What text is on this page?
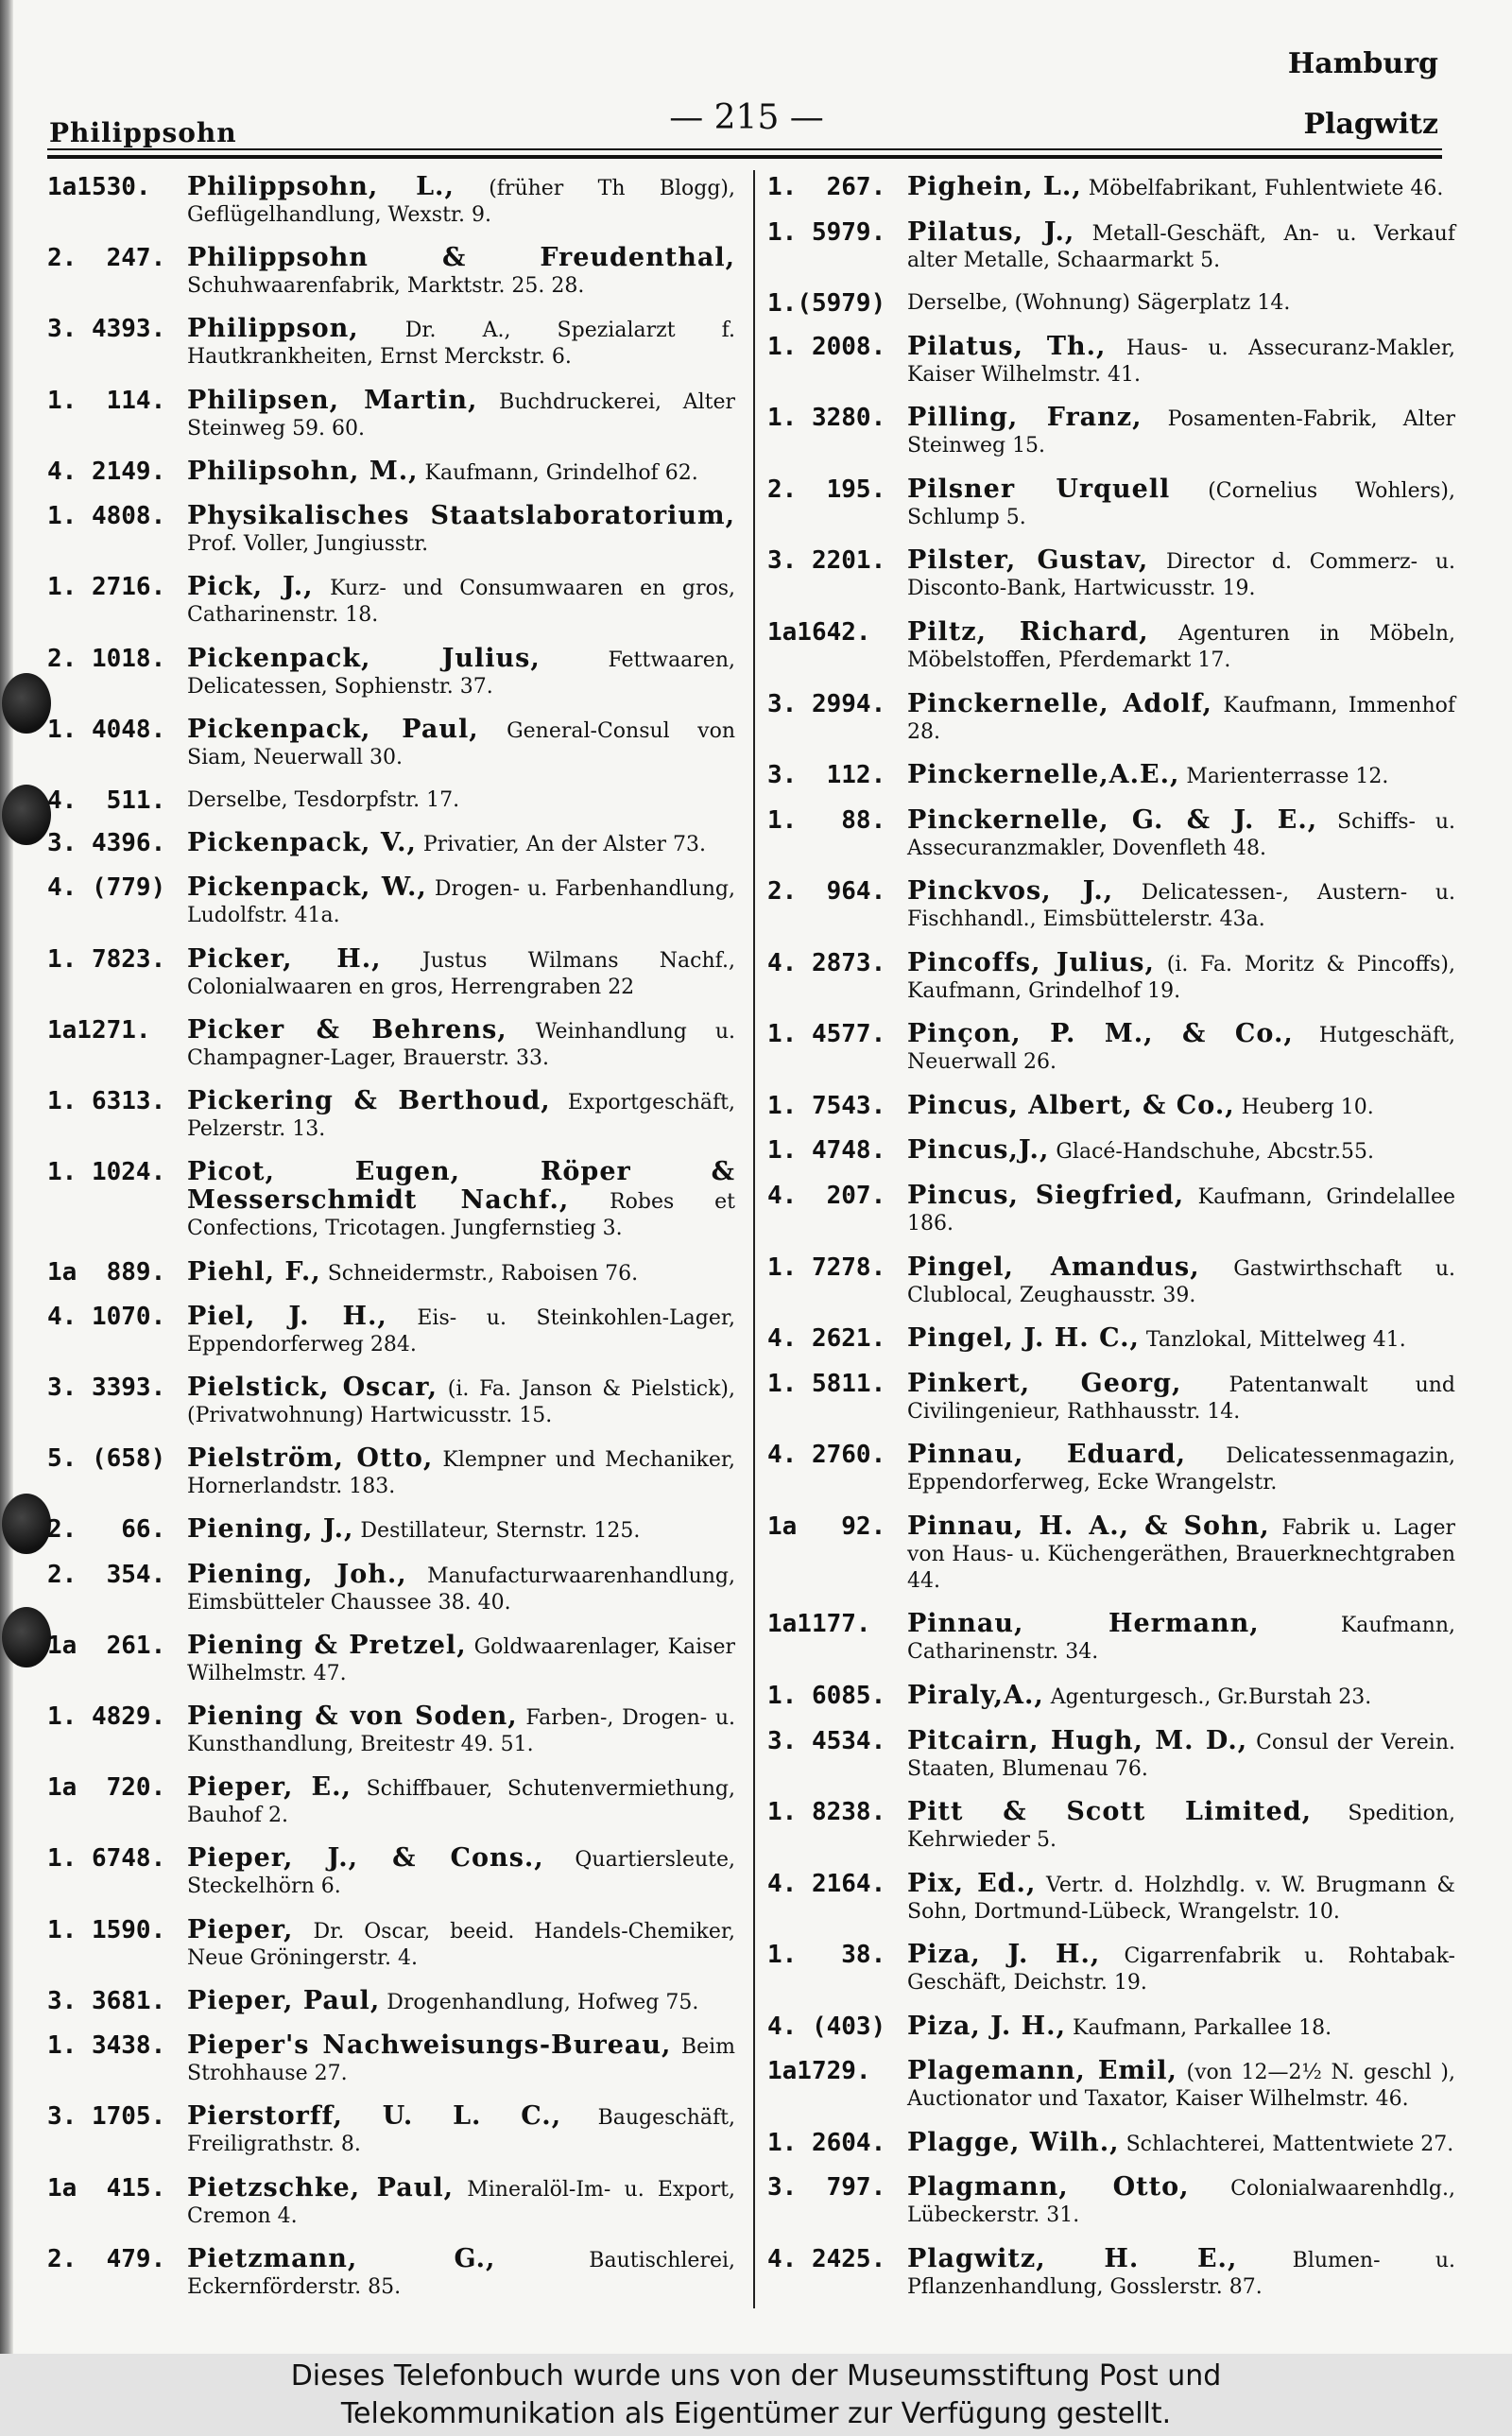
Philippsohn	— 215 —
Hamburg
Plagwitz
1a1530.	Philippsohn, L., (früher Th Blogg), Geflügelhandlung, Wexstr. 9.
2.  247. Philippsohn & Freudenthal, Schuhwaarenfabrik, Marktstr. 25. 28.
3. 4393. Philippson, Dr. A., Spezialarzt f. Hautkrankheiten, Ernst Merckstr. 6.
1.  114. Philipsen, Martin, Buchdruckerei, Alter Steinweg 59. 60.
4. 2149. Philipsohn, M., Kaufmann, Grindelhof 62.
1. 4808. Physikalisches Staatslaboratorium, Prof. Voller, Jungiusstr.
1. 2716. Pick, J., Kurz- und Consumwaaren en gros, Catharinenstr. 18.
2. 1018. Pickenpack, Julius,	Fettwaaren, Delicatessen, Sophienstr. 37.
1. 4048. Pickenpack, Paul, General-Consul von Siam, Neuerwall 30.
4.  511.	Derselbe, Tesdorpfstr. 17.
3. 4396. Pickenpack, V., Privatier, An der Alster 73.
4. (779) Pickenpack, W., Drogen- u. Farbenhandlung, Ludolfstr. 41a.
1. 7823. Picker, H., Justus Wilmans Nachf., Colonialwaaren en gros, Herrengraben 22
1a1271.	Picker & Behrens, Weinhandlung u. Champagner-Lager, Brauerstr. 33.
1. 6313. Pickering & Berthoud, Exportgeschäft, Pelzerstr. 13.
1. 1024. Picot, Eugen, Röper & Messerschmidt Nachf., Robes et Confections, Tricotagen. Jungfernstieg 3.
1a  889. Piehl, F., Schneidermstr., Raboisen 76.
4. 1070. Piel, J. H., Eis- u. Steinkohlen-Lager, Eppendorferweg 284.
3. 3393. Pielstick, Oscar, (i. Fa. Janson & Pielstick), (Privatwohnung) Hartwicusstr. 15.
5. (658) Pielström, Otto, Klempner und Mechaniker, Hornerlandstr. 183.
2.   66. Piening, J., Destillateur, Sternstr. 125.
2.  354. Piening, Joh., Manufacturwaarenhandlung, Eimsbütteler Chaussee 38. 40.
1a  261. Piening & Pretzel, Goldwaarenlager, Kaiser Wilhelmstr. 47.
1. 4829. Piening & von Soden, Farben-, Drogen- u. Kunsthandlung, Breitestr 49. 51.
1a  720. Pieper, E., Schiffbauer, Schutenvermiethung, Bauhof 2.
1. 6748. Pieper, J., & Cons., Quartiersleute, Steckelhörn 6.
1. 1590. Pieper, Dr. Oscar, beeid. Handels-Chemiker, Neue Gröningerstr. 4.
3. 3681. Pieper, Paul, Drogenhandlung, Hofweg 75.
1. 3438. Pieper's Nachweisungs-Bureau, Beim Strohhause 27.
3. 1705. Pierstorff, U. L. C., Baugeschäft, Freiligrathstr. 8.
1a  415. Pietzschke, Paul, Mineralöl-Im- u. Export, Cremon 4.
2.  479. Pietzmann, G.,	Bautischlerei, Eckernförderstr. 85.
1.  267. Pighein, L., Möbelfabrikant, Fuhlentwiete 46.
1. 5979. Pilatus, J., Metall-Geschäft, An- u. Verkauf alter Metalle, Schaarmarkt 5.
1.(5979)	Derselbe, (Wohnung) Sägerplatz 14.
1. 2008. Pilatus, Th., Haus- u. Assecuranz-Makler, Kaiser Wilhelmstr. 41.
1. 3280. Pilling, Franz, Posamenten-Fabrik, Alter Steinweg 15.
2.  195. Pilsner Urquell (Cornelius Wohlers), Schlump 5.
3. 2201. Pilster, Gustav, Director d. Commerz- u. Disconto-Bank, Hartwicusstr. 19.
1a1642.	Piltz, Richard, Agenturen in Möbeln, Möbelstoffen, Pferdemarkt 17.
3. 2994. Pinckernelle, Adolf, Kaufmann, Immenhof 28.
3.  112. Pinckernelle,A.E., Marienterrasse 12.
1.   88. Pinckernelle, G. & J. E., Schiffs- u. Assecuranzmakler, Dovenfleth 48.
2.  964. Pinckvos, J., Delicatessen-, Austern- u. Fischhandl., Eimsbüttelerstr. 43a.
4. 2873. Pincoffs, Julius, (i. Fa. Moritz & Pincoffs), Kaufmann, Grindelhof 19.
1. 4577. Pinçon, P. M., & Co., Hutgeschäft, Neuerwall 26.
1. 7543. Pincus, Albert, & Co., Heuberg 10.
1. 4748. Pincus,J., Glacé-Handschuhe, Abcstr.55.
4.  207. Pincus, Siegfried, Kaufmann, Grindelallee 186.
1. 7278. Pingel, Amandus, Gastwirthschaft u. Clublocal, Zeughausstr. 39.
4. 2621. Pingel, J. H. C., Tanzlokal, Mittelweg 41.
1. 5811. Pinkert, Georg, Patentanwalt und Civilingenieur, Rathhausstr. 14.
4. 2760. Pinnau, Eduard, Delicatessenmagazin, Eppendorferweg, Ecke Wrangelstr.
1a   92. Pinnau, H. A., & Sohn, Fabrik u. Lager von Haus- u. Küchengeräthen, Brauerknechtgraben 44.
1a1177.	Pinnau, Hermann,	Kaufmann, Catharinenstr. 34.
1. 6085. Piraly,A., Agenturgesch., Gr.Burstah 23.
3. 4534. Pitcairn, Hugh, M. D., Consul der Verein. Staaten, Blumenau 76.
1. 8238. Pitt & Scott Limited, Spedition, Kehrwieder 5.
4. 2164. Pix, Ed., Vertr. d. Holzhdlg. v. W. Brugmann & Sohn, Dortmund-Lübeck, Wrangelstr. 10.
1.   38. Piza, J. H., Cigarrenfabrik u. Rohtabak-Geschäft, Deichstr. 19.
4. (403) Piza, J. H., Kaufmann, Parkallee 18.
1a1729.	Plagemann, Emil, (von 12—2½ N. geschl ), Auctionator und Taxator, Kaiser Wilhelmstr. 46.
1. 2604. Plagge, Wilh., Schlachterei, Mattentwiete 27.
3.  797. Plagmann, Otto, Colonialwaarenhdlg., Lübeckerstr. 31.
4. 2425. Plagwitz, H. E.,	Blumen- u. Pflanzenhandlung, Gosslerstr. 87.
Dieses Telefonbuch wurde uns von der Museumsstiftung Post und
Telekommunikation als Eigentümer zur Verfügung gestellt.
